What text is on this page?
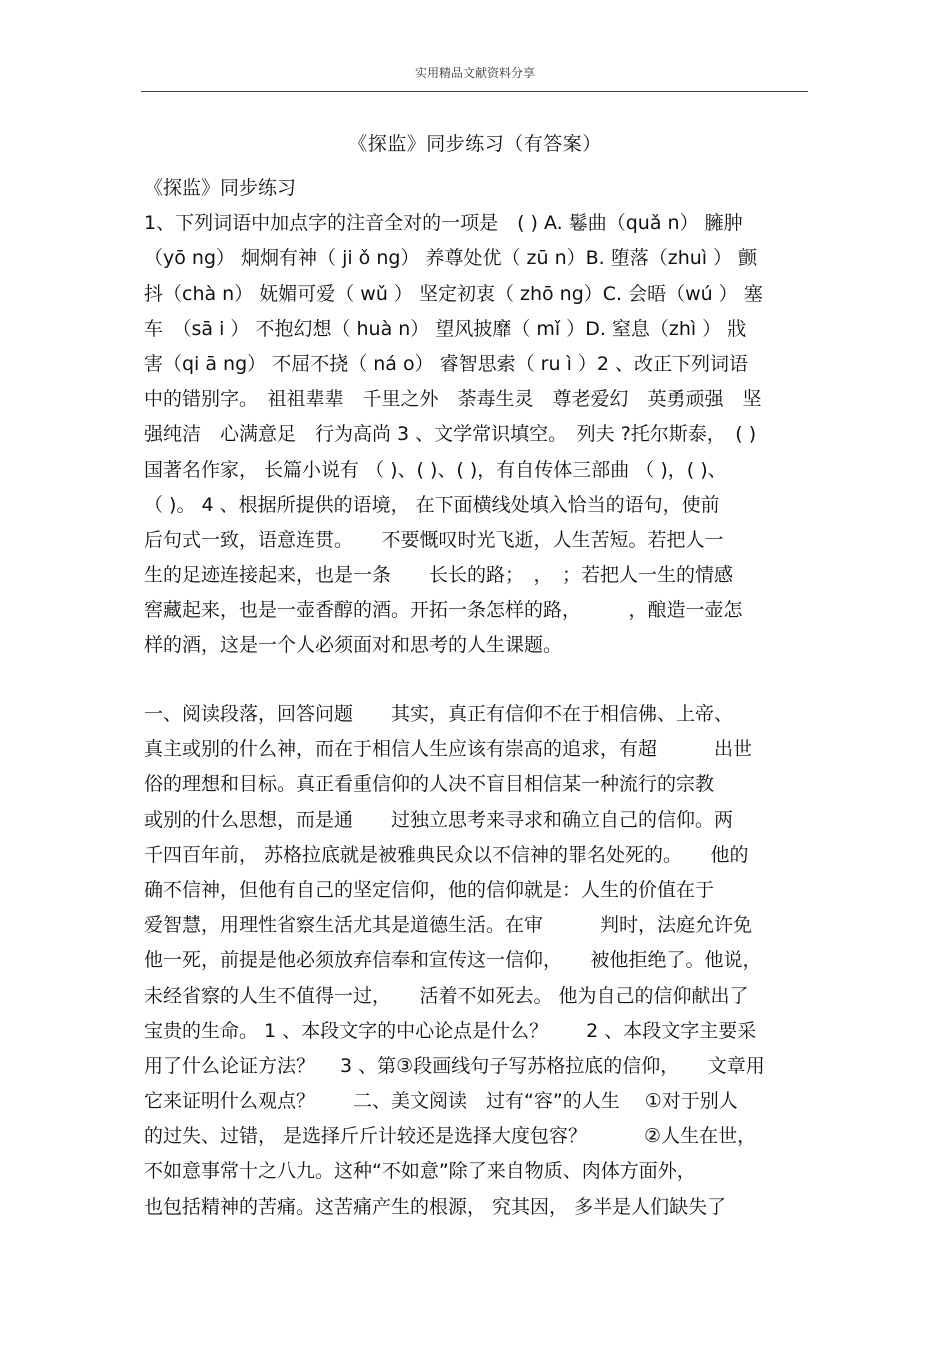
实用精品文献资料分享
《探监》同步练习（有答案）
《探监》同步练习
1、下列词语中加点字的注音全对的一项是　( ) A. 鬈曲（quǎ n） 臃肿
（yō ng） 炯炯有神（ ji ǒ ng） 养尊处优（ zū n）B. 堕落（zhuì ） 颤
抖（chà n） 妩媚可爱（ wǔ ） 坚定初衷（ zhō ng）C. 会晤（wú ） 塞
车　（sā i ） 不抱幻想（ huà n） 望风披靡（ mǐ ）D. 窒息（zhì ） 戕
害（qi ā ng） 不屈不挠（ ná o） 睿智思索（ ru ì ）2 、改正下列词语
中的错别字。　祖祖辈辈　千里之外　荼毒生灵　尊老爱幻　英勇顽强　坚
强纯洁　心满意足　行为高尚 3 、文学常识填空。　列夫 ?托尔斯泰，　( )
国著名作家， 长篇小说有 （ )、( )、( )，有自传体三部曲 （ )，( )、
（ )。 4 、根据所提供的语境， 在下面横线处填入恰当的语句，使前
后句式一致，语意连贯。　　不要慨叹时光飞逝，人生苦短。若把人一
生的足迹连接起来，也是一条　　长长的路；　，　；若把人一生的情感
窖藏起来，也是一壶香醇的酒。开拓一条怎样的路，　　　，酿造一壶怎
样的酒，这是一个人必须面对和思考的人生课题。
一、阅读段落，回答问题　　其实，真正有信仰不在于相信佛、上帝、
真主或别的什么神，而在于相信人生应该有崇高的追求，有超　　　出世
俗的理想和目标。真正看重信仰的人决不盲目相信某一种流行的宗教
或别的什么思想，而是通　　过独立思考来寻求和确立自己的信仰。两
千四百年前， 苏格拉底就是被雅典民众以不信神的罪名处死的。　　他的
确不信神，但他有自己的坚定信仰，他的信仰就是：人生的价值在于
爱智慧，用理性省察生活尤其是道德生活。在审　　　判时，法庭允许免
他一死，前提是他必须放弃信奉和宣传这一信仰，　　被他拒绝了。他说，
未经省察的人生不值得一过，　　活着不如死去。 他为自己的信仰献出了
宝贵的生命。 1 、本段文字的中心论点是什么？　　2 、本段文字主要采
用了什么论证方法？　 3 、第③段画线句子写苏格拉底的信仰，　　文章用
它来证明什么观点？　　二、美文阅读　过有“容”的人生　 ①对于别人
的过失、过错， 是选择斤斤计较还是选择大度包容？　　　②人生在世，
不如意事常十之八九。这种“不如意”除了来自物质、肉体方面外，
也包括精神的苦痛。这苦痛产生的根源， 究其因， 多半是人们缺失了
